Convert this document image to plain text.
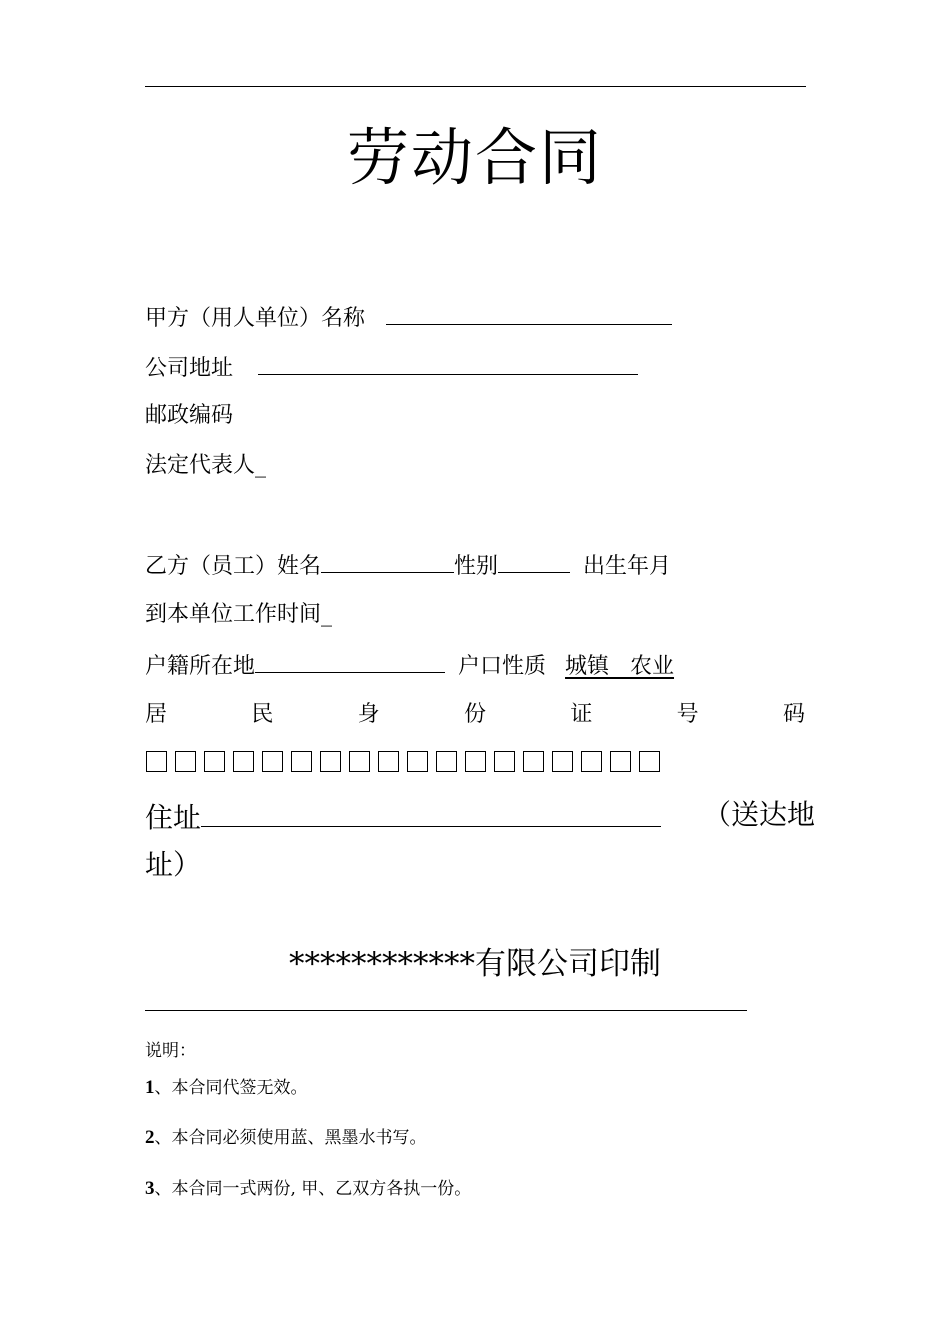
劳动合同
甲方（用人单位）名称
公司地址
邮政编码
法定代表人_
乙方（员工）姓名	性别	出生年月
到本单位工作时间_
户籍所在地	户口性质 城镇   农业
居	民	身	份	证	号	码
住址	（送达地
址）
************有限公司印制
说明：
1、本合同代签无效。
2、本合同必须使用蓝、黑墨水书写。
3、本合同一式两份, 甲、乙双方各执一份。
